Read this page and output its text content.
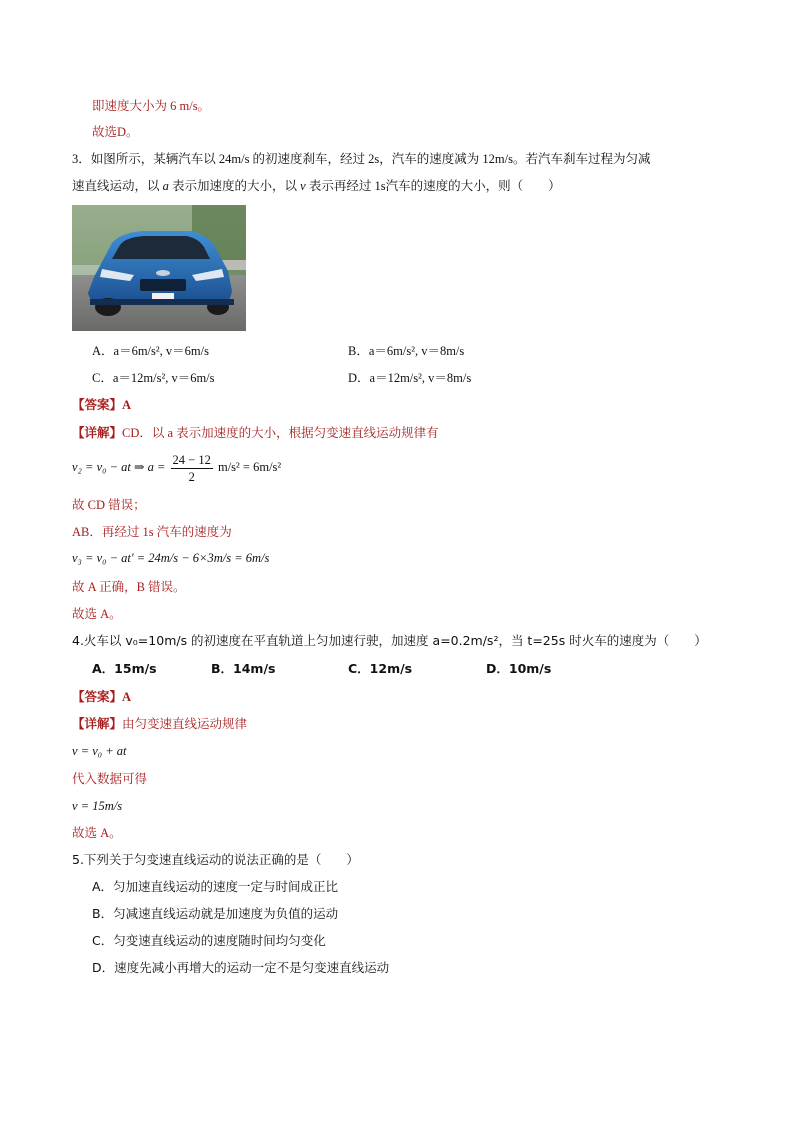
即速度大小为 6 m/s。
故选D。
3．如图所示，某辆汽车以 24m/s 的初速度刹车，经过 2s，汽车的速度减为 12m/s。若汽车刹车过程为匀减
速直线运动，以 a 表示加速度的大小，以 v 表示再经过 1s汽车的速度的大小，则（　　）
A．a＝6m/s², v＝6m/s	B．a＝6m/s², v＝8m/s
C．a＝12m/s², v＝6m/s	D．a＝12m/s², v＝8m/s
【答案】A
【详解】CD．以 a 表示加速度的大小，根据匀变速直线运动规律有
v₂ = v₀ − at ⇒ $a = \frac{24 - 12}{2} m/s^2 = 6m/s^2$
故 CD 错误；
AB．再经过 1s 汽车的速度为
v₃ = v₀ − at' = 24m/s − 6×3m/s = 6m/s
故 A 正确，B 错误。
故选 A。
4.火车以 v₀=10m/s 的初速度在平直轨道上匀加速行驶，加速度 a=0.2m/s²，当 t=25s 时火车的速度为（　　）
A．15m/s	B．14m/s	C．12m/s	D．10m/s
【答案】A
【详解】由匀变速直线运动规律
v = v₀ + at
代入数据可得
v = 15m/s
故选 A。
5.下列关于匀变速直线运动的说法正确的是（　　）
A．匀加速直线运动的速度一定与时间成正比
B．匀减速直线运动就是加速度为负值的运动
C．匀变速直线运动的速度随时间均匀变化
D．速度先减小再增大的运动一定不是匀变速直线运动
